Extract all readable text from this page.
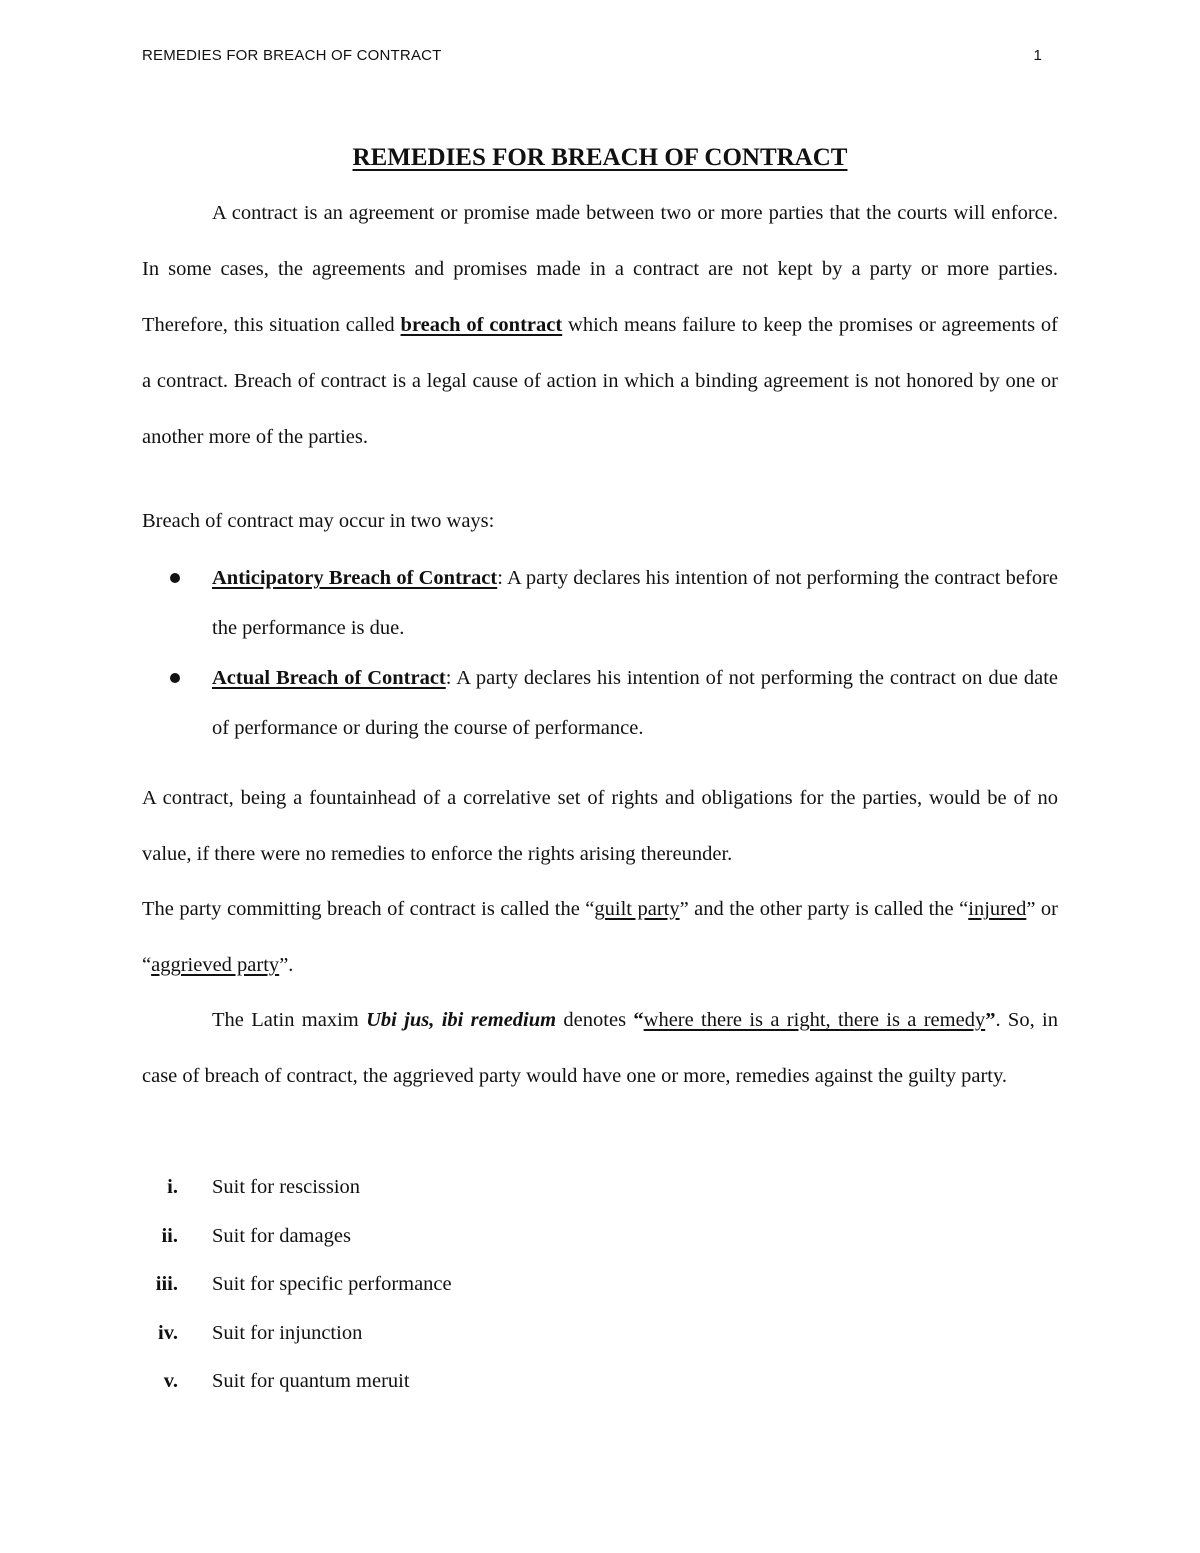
REMEDIES FOR BREACH OF CONTRACT	1
REMEDIES FOR BREACH OF CONTRACT

A contract is an agreement or promise made between two or more parties that the courts will enforce. In some cases, the agreements and promises made in a contract are not kept by a party or more parties. Therefore, this situation called breach of contract which means failure to keep the promises or agreements of a contract. Breach of contract is a legal cause of action in which a binding agreement is not honored by one or another more of the parties.

Breach of contract may occur in two ways:

Anticipatory Breach of Contract: A party declares his intention of not performing the contract before the performance is due.
Actual Breach of Contract: A party declares his intention of not performing the contract on due date of performance or during the course of performance.

A contract, being a fountainhead of a correlative set of rights and obligations for the parties, would be of no value, if there were no remedies to enforce the rights arising thereunder.

The party committing breach of contract is called the “guilt party” and the other party is called the “injured” or “aggrieved party”.

The Latin maxim Ubi jus, ibi remedium denotes “where there is a right, there is a remedy”. So, in case of breach of contract, the aggrieved party would have one or more, remedies against the guilty party.

i. Suit for rescission
ii. Suit for damages
iii. Suit for specific performance
iv. Suit for injunction
v. Suit for quantum meruit
